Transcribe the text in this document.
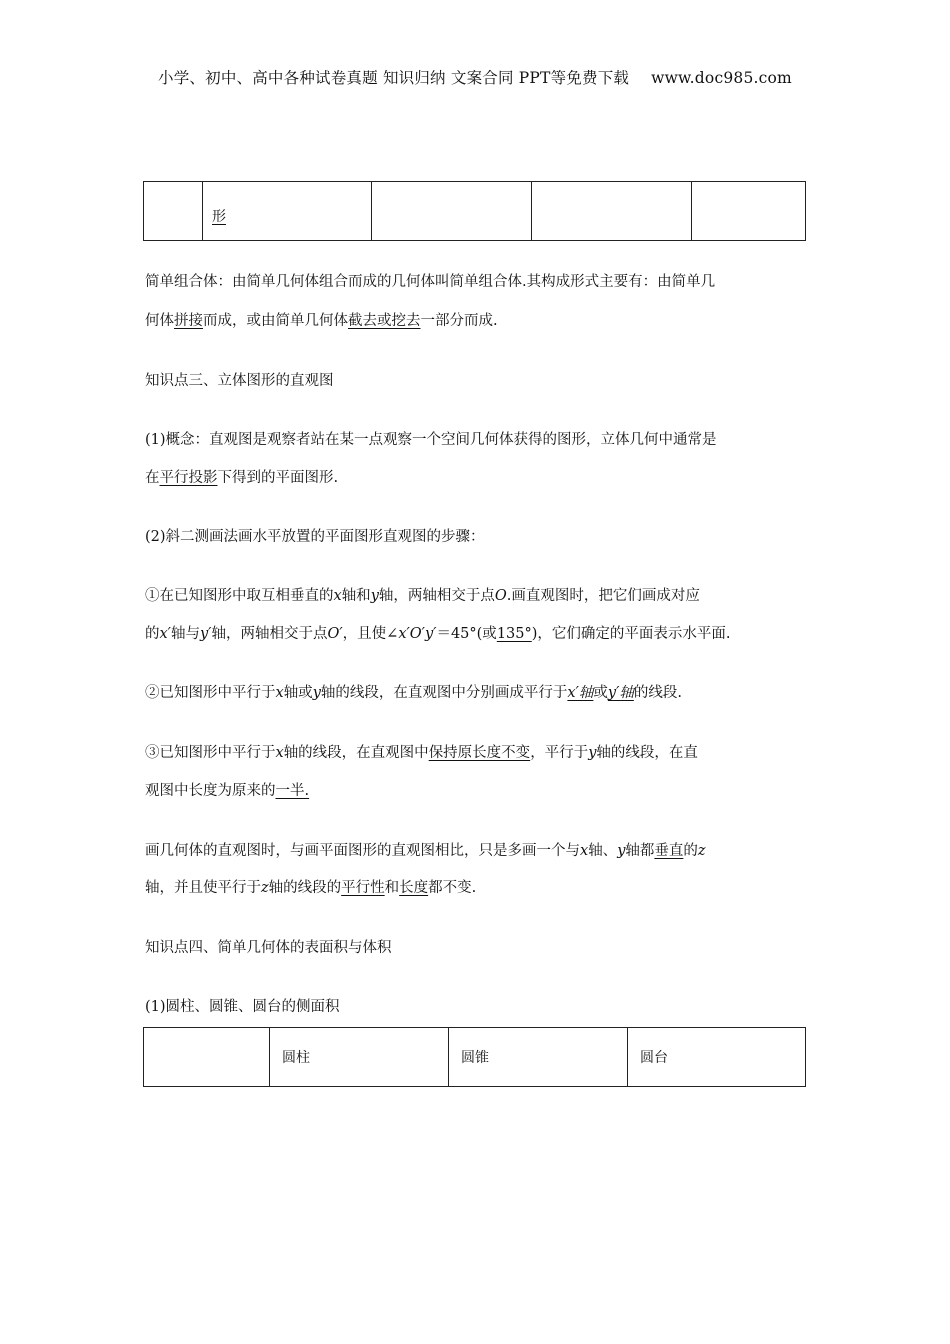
小学、初中、高中各种试卷真题 知识归纳 文案合同 PPT等免费下载 www.doc985.com
	形			
简单组合体：由简单几何体组合而成的几何体叫简单组合体.其构成形式主要有：由简单几
何体拼接而成，或由简单几何体截去或挖去一部分而成.
知识点三、立体图形的直观图
(1)概念：直观图是观察者站在某一点观察一个空间几何体获得的图形，立体几何中通常是
在平行投影下得到的平面图形.
(2)斜二测画法画水平放置的平面图形直观图的步骤：
①在已知图形中取互相垂直的x轴和y轴，两轴相交于点O.画直观图时，把它们画成对应
的x′轴与y′轴，两轴相交于点O′，且使∠x′O′y′＝45°(或135°)，它们确定的平面表示水平面.
②已知图形中平行于x轴或y轴的线段，在直观图中分别画成平行于x′轴或y′轴的线段.
③已知图形中平行于x轴的线段，在直观图中保持原长度不变，平行于y轴的线段，在直
观图中长度为原来的一半.
画几何体的直观图时，与画平面图形的直观图相比，只是多画一个与x轴、y轴都垂直的z
轴，并且使平行于z轴的线段的平行性和长度都不变.
知识点四、简单几何体的表面积与体积
(1)圆柱、圆锥、圆台的侧面积
	圆柱	圆锥	圆台
